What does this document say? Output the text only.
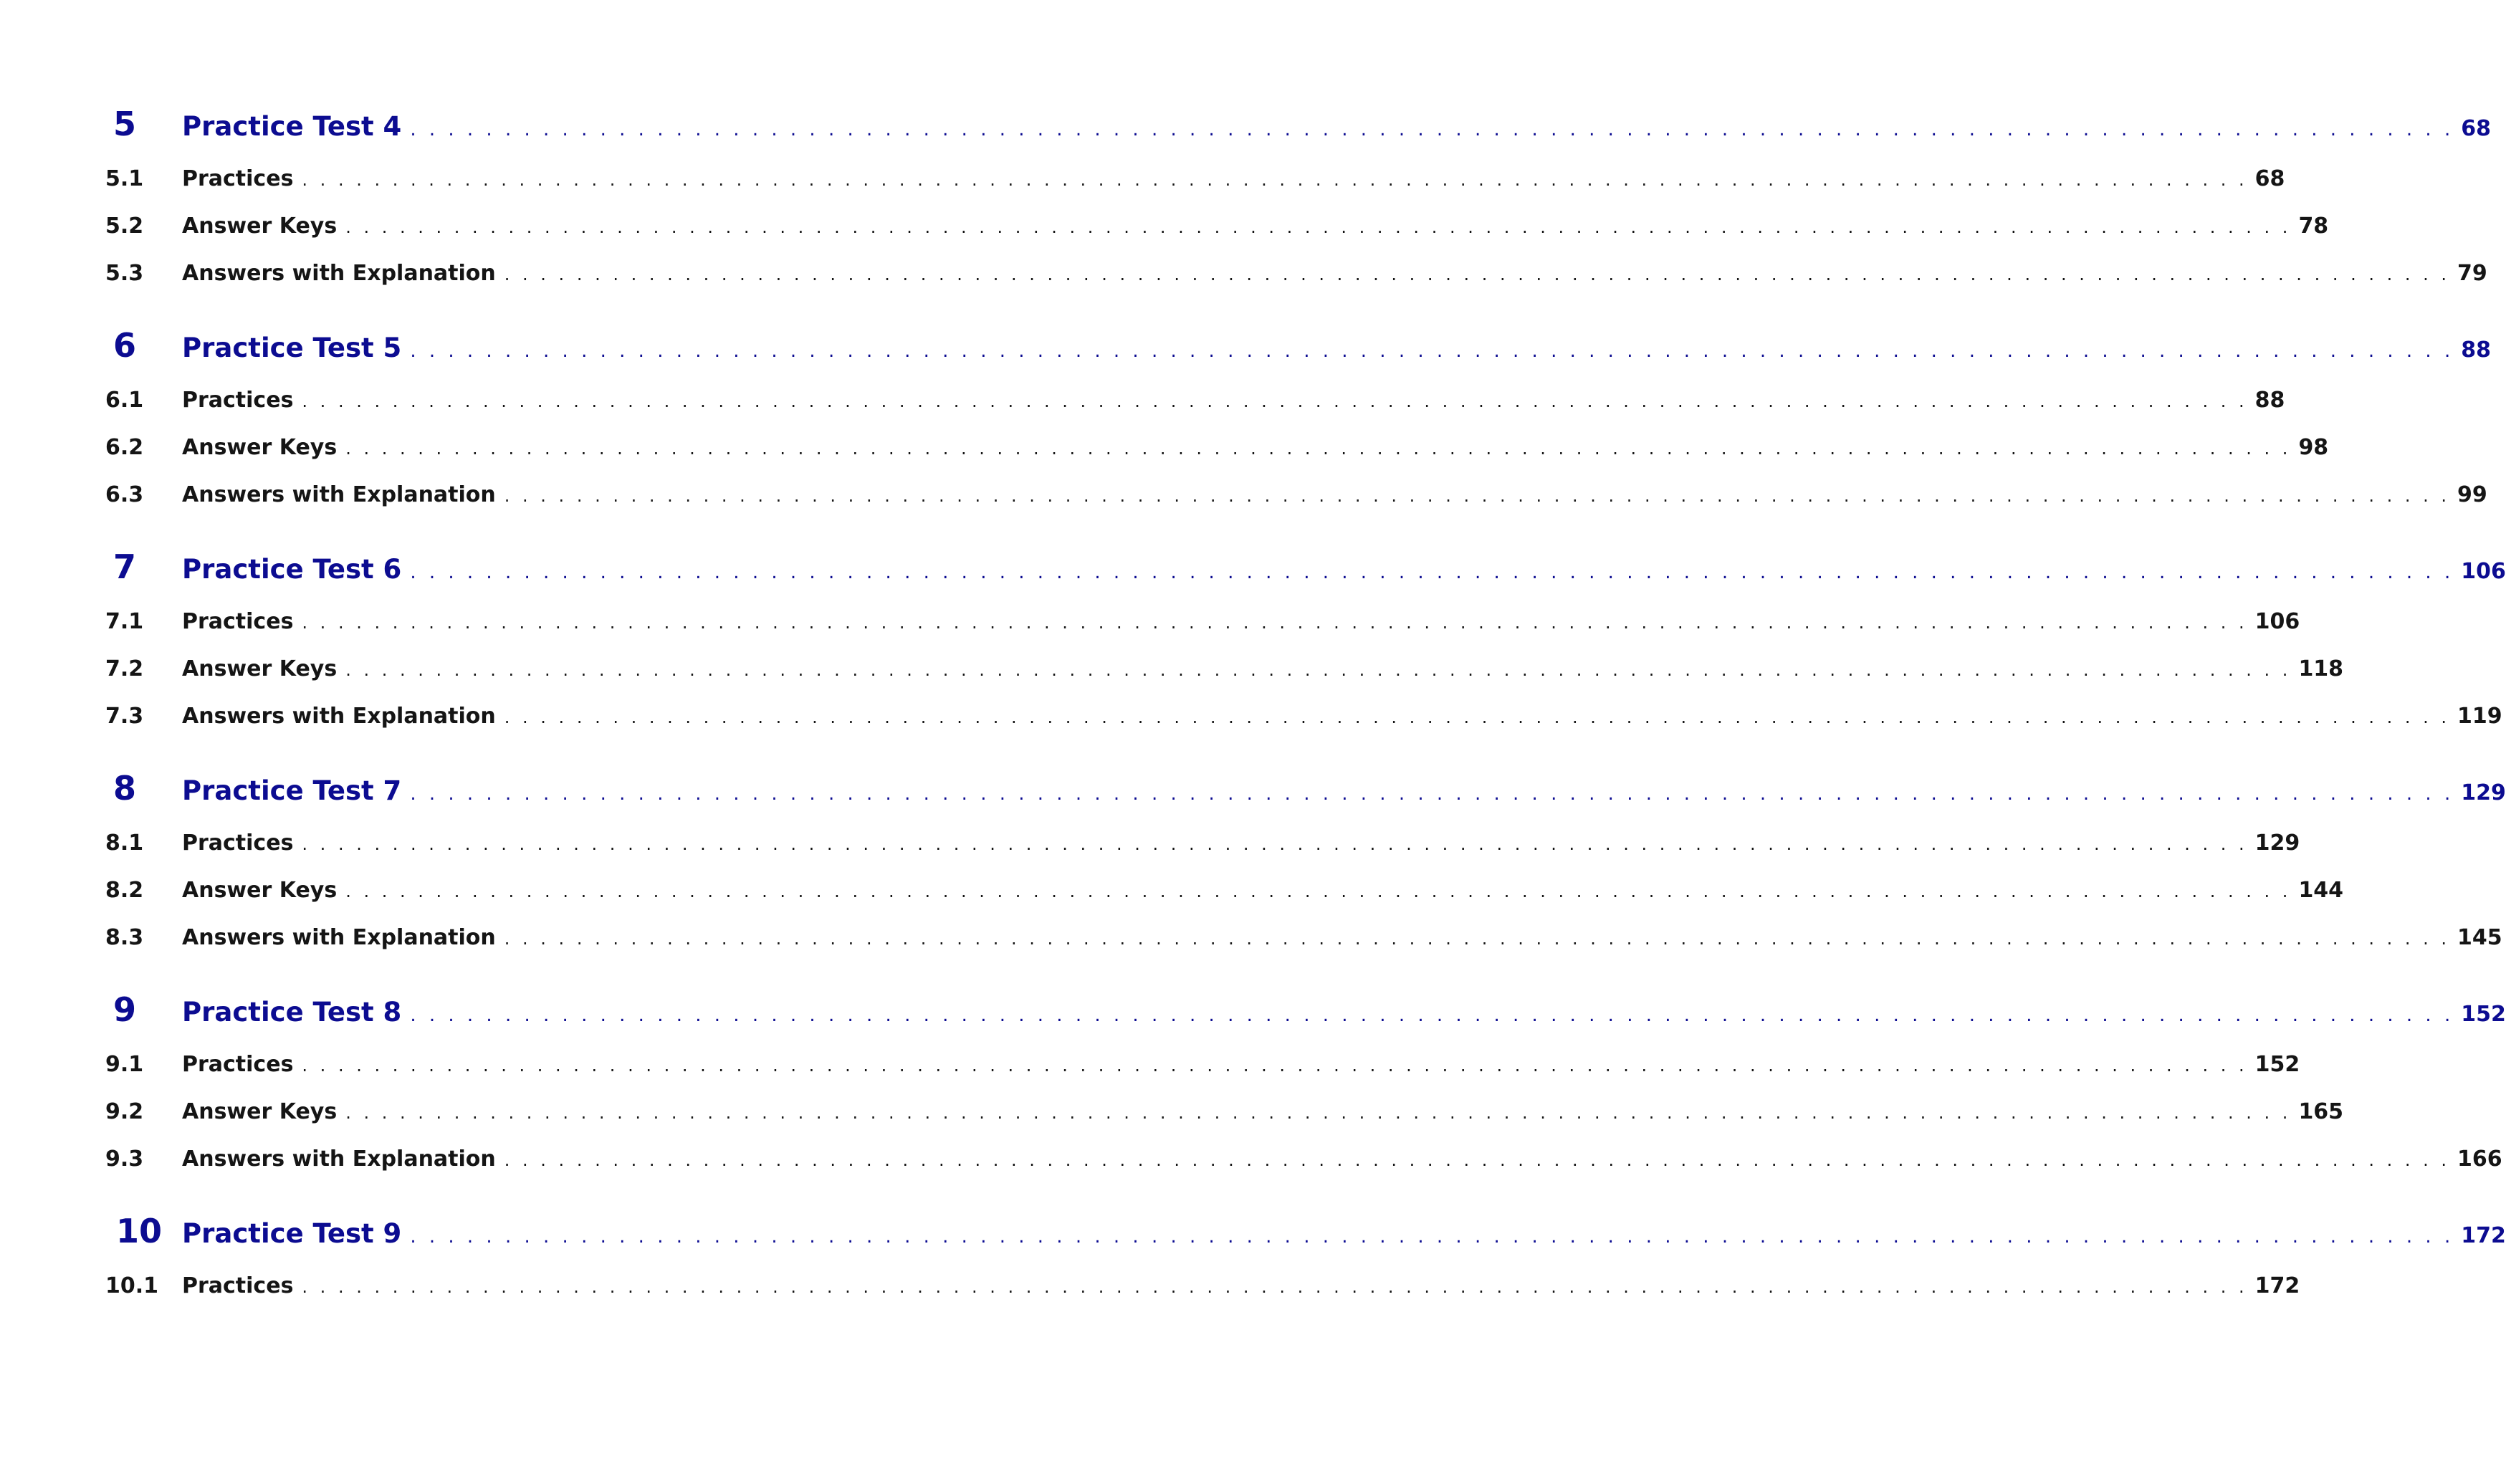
5	Practice Test 4 . . . . . . . . . . . . . . . . . . . . . . . . . . . . . . . . . . . . . . . . . . . . . . . . . . . . . . . . . . . . . . . . . . . . . . . . . . . . . . . . . . . . . . . . . . . . . . . . . . . . . . . . . . . . 68
5.1	Practices . . . . . . . . . . . . . . . . . . . . . . . . . . . . . . . . . . . . . . . . . . . . . . . . . . . . . . . . . . . . . . . . . . . . . . . . . . . . . . . . . . . . . . . . . . . . . . . . . . . . . . . . . . . . 68
5.2	Answer Keys . . . . . . . . . . . . . . . . . . . . . . . . . . . . . . . . . . . . . . . . . . . . . . . . . . . . . . . . . . . . . . . . . . . . . . . . . . . . . . . . . . . . . . . . . . . . . . . . . . . . . . . . . . . . 78
5.3	Answers with Explanation . . . . . . . . . . . . . . . . . . . . . . . . . . . . . . . . . . . . . . . . . . . . . . . . . . . . . . . . . . . . . . . . . . . . . . . . . . . . . . . . . . . . . . . . . . . . . . . . . . . . . . . . . . . . 79
6	Practice Test 5 . . . . . . . . . . . . . . . . . . . . . . . . . . . . . . . . . . . . . . . . . . . . . . . . . . . . . . . . . . . . . . . . . . . . . . . . . . . . . . . . . . . . . . . . . . . . . . . . . . . . . . . . . . . . 88
6.1	Practices . . . . . . . . . . . . . . . . . . . . . . . . . . . . . . . . . . . . . . . . . . . . . . . . . . . . . . . . . . . . . . . . . . . . . . . . . . . . . . . . . . . . . . . . . . . . . . . . . . . . . . . . . . . . 88
6.2	Answer Keys . . . . . . . . . . . . . . . . . . . . . . . . . . . . . . . . . . . . . . . . . . . . . . . . . . . . . . . . . . . . . . . . . . . . . . . . . . . . . . . . . . . . . . . . . . . . . . . . . . . . . . . . . . . . 98
6.3	Answers with Explanation . . . . . . . . . . . . . . . . . . . . . . . . . . . . . . . . . . . . . . . . . . . . . . . . . . . . . . . . . . . . . . . . . . . . . . . . . . . . . . . . . . . . . . . . . . . . . . . . . . . . . . . . . . . . 99
7	Practice Test 6 . . . . . . . . . . . . . . . . . . . . . . . . . . . . . . . . . . . . . . . . . . . . . . . . . . . . . . . . . . . . . . . . . . . . . . . . . . . . . . . . . . . . . . . . . . . . . . . . . . . . . . . . . . . . 106
7.1	Practices . . . . . . . . . . . . . . . . . . . . . . . . . . . . . . . . . . . . . . . . . . . . . . . . . . . . . . . . . . . . . . . . . . . . . . . . . . . . . . . . . . . . . . . . . . . . . . . . . . . . . . . . . . . . 106
7.2	Answer Keys . . . . . . . . . . . . . . . . . . . . . . . . . . . . . . . . . . . . . . . . . . . . . . . . . . . . . . . . . . . . . . . . . . . . . . . . . . . . . . . . . . . . . . . . . . . . . . . . . . . . . . . . . . . . 118
7.3	Answers with Explanation . . . . . . . . . . . . . . . . . . . . . . . . . . . . . . . . . . . . . . . . . . . . . . . . . . . . . . . . . . . . . . . . . . . . . . . . . . . . . . . . . . . . . . . . . . . . . . . . . . . . . . . . . . . . 119
8	Practice Test 7 . . . . . . . . . . . . . . . . . . . . . . . . . . . . . . . . . . . . . . . . . . . . . . . . . . . . . . . . . . . . . . . . . . . . . . . . . . . . . . . . . . . . . . . . . . . . . . . . . . . . . . . . . . . . 129
8.1	Practices . . . . . . . . . . . . . . . . . . . . . . . . . . . . . . . . . . . . . . . . . . . . . . . . . . . . . . . . . . . . . . . . . . . . . . . . . . . . . . . . . . . . . . . . . . . . . . . . . . . . . . . . . . . . 129
8.2	Answer Keys . . . . . . . . . . . . . . . . . . . . . . . . . . . . . . . . . . . . . . . . . . . . . . . . . . . . . . . . . . . . . . . . . . . . . . . . . . . . . . . . . . . . . . . . . . . . . . . . . . . . . . . . . . . . 144
8.3	Answers with Explanation . . . . . . . . . . . . . . . . . . . . . . . . . . . . . . . . . . . . . . . . . . . . . . . . . . . . . . . . . . . . . . . . . . . . . . . . . . . . . . . . . . . . . . . . . . . . . . . . . . . . . . . . . . . . 145
9	Practice Test 8 . . . . . . . . . . . . . . . . . . . . . . . . . . . . . . . . . . . . . . . . . . . . . . . . . . . . . . . . . . . . . . . . . . . . . . . . . . . . . . . . . . . . . . . . . . . . . . . . . . . . . . . . . . . . 152
9.1	Practices . . . . . . . . . . . . . . . . . . . . . . . . . . . . . . . . . . . . . . . . . . . . . . . . . . . . . . . . . . . . . . . . . . . . . . . . . . . . . . . . . . . . . . . . . . . . . . . . . . . . . . . . . . . . 152
9.2	Answer Keys . . . . . . . . . . . . . . . . . . . . . . . . . . . . . . . . . . . . . . . . . . . . . . . . . . . . . . . . . . . . . . . . . . . . . . . . . . . . . . . . . . . . . . . . . . . . . . . . . . . . . . . . . . . . 165
9.3	Answers with Explanation . . . . . . . . . . . . . . . . . . . . . . . . . . . . . . . . . . . . . . . . . . . . . . . . . . . . . . . . . . . . . . . . . . . . . . . . . . . . . . . . . . . . . . . . . . . . . . . . . . . . . . . . . . . . 166
10 Practice Test 9 . . . . . . . . . . . . . . . . . . . . . . . . . . . . . . . . . . . . . . . . . . . . . . . . . . . . . . . . . . . . . . . . . . . . . . . . . . . . . . . . . . . . . . . . . . . . . . . . . . . . . . . . . . . . 172
10.1	Practices . . . . . . . . . . . . . . . . . . . . . . . . . . . . . . . . . . . . . . . . . . . . . . . . . . . . . . . . . . . . . . . . . . . . . . . . . . . . . . . . . . . . . . . . . . . . . . . . . . . . . . . . . . . . 172
